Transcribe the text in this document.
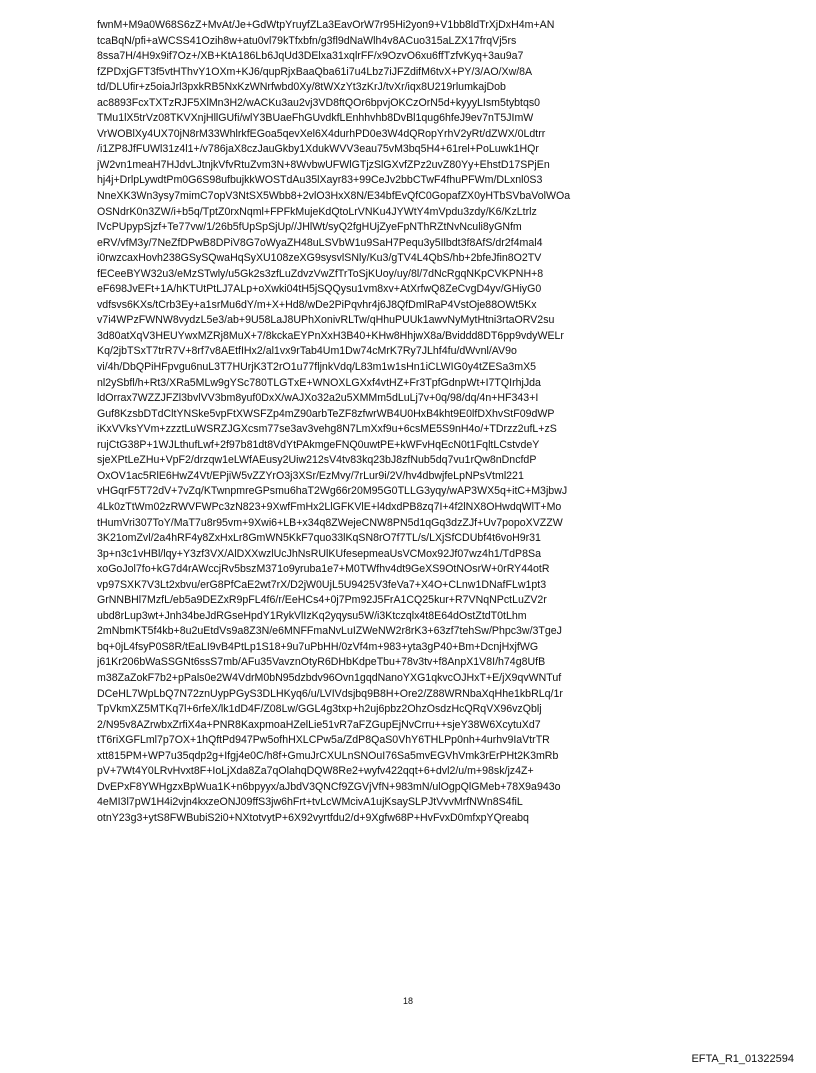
fwnM+M9a0W68S6zZ+MvAt/Je+GdWtpYruyfZLa3EavOrW7r95Hi2yon9+V1bb8ldTrXjDxH4m+AN
tcaBqN/pfi+aWCSS41Ozih8w+atu0vl79kTfxbfn/g3fl9dNaWlh4v8ACuo315aLZX17frqVj5rs
8ssa7H/4H9x9if7Oz+/XB+KtA186Lb6JqUd3DElxa31xqlrFF/x9OzvO6xu6ffTzfvKyq+3au9a7
fZPDxjGFT3f5vtHThvY1OXm+KJ6/qupRjxBaaQba61i7u4Lbz7iJFZdifM6tvX+PY/3/AO/Xw/8A
td/DLUfir+z5oiaJrl3pxkRB5NxKzWNrfwbd0Xy/8tWXzYt3zKrJ/tvXr/iqx8U219rlumkajDob
ac8893FcxTXTzRJF5XlMn3H2/wACKu3au2vj3VD8ftQOr6bpvjOKCzOrN5d+kyyyLIsm5tybtqs0
TMu1lX5trVz08TKVXnjHllGUfi/wlY3BUaeFhGUvdkfLEnhhvhb8DvBl1qug6hfeJ9ev7nT5JImW
VrWOBlXy4UX70jN8rM33WhlrkfEGoa5qevXel6X4durhPD0e3W4dQRopYrhV2yRt/dZWX/0Ldtrr
/i1ZP8JfFUWl31z4l1+/v786jaX8czJauGkby1XdukWVV3eau75vM3bq5H4+61rel+PoLuwk1HQr
jW2vn1meaH7HJdvLJtnjkVfvRtuZvm3N+8WvbwUFWlGTjzSlGXvfZPz2uvZ80Yy+EhstD17SPjEn
hj4j+DrlpLywdtPm0G6S98ufbujkkWOSTdAu35lXayr83+99CeJv2bbCTwF4fhuPFWm/DLxnl0S3
NneXK3Wn3ysy7mimC7opV3NtSX5Wbb8+2vlO3HxX8N/E34bfEvQfC0GopafZX0yHTbSVbaVolWOa
OSNdrK0n3ZW/i+b5q/TptZ0rxNqml+FPFkMujeKdQtoLrVNKu4JYWtY4mVpdu3zdy/K6/KzLtrlz
lVcPUpypSjzf+Te77vw/1/26b5fUpSpSjUp//JHlWt/syQ2fgHUjZyeFpNThRZtNvNculi8yGNfm
eRV/vfM3y/7NeZfDPwB8DPiV8G7oWyaZH48uLSVbW1u9SaH7Pequ3y5Ilbdt3f8AfS/dr2f4mal4
i0rwzcaxHovh238GSySQwaHqSyXU108zeXG9sysvlSNly/Ku3/gTV4L4QbS/hb+2bfeJfin8O2TV
fECeeBYW32u3/eMzSTwly/u5Gk2s3zfLuZdvzVwZfTrToSjKUoy/uy/8l/7dNcRgqNKpCVKPNH+8
eF698JvEFt+1A/hKTUtPtLJ7ALp+oXwki04tH5jSQQysu1vm8xv+AtXrfwQ8ZeCvgD4yv/GHiyG0
vdfsvs6KXs/tCrb3Ey+a1srMu6dY/m+X+Hd8/wDe2PiPqvhr4j6J8QfDmlRaP4VstOje88OWt5Kx
v7i4WPzFWNW8vydzL5e3/ab+9U58LaJ8UPhXonivRLTw/qHhuPUUk1awvNyMytHtni3rtaORV2su
3d80atXqV3HEUYwxMZRj8MuX+7/8kckaEYPnXxH3B40+KHw8HhjwX8a/Bviddd8DT6pp9vdyWELr
Kq/2jbTSxT7trR7V+8rf7v8AEtfIHx2/al1vx9rTab4Um1Dw74cMrK7Ry7JLhf4fu/dWvnl/AV9o
vi/4h/DbQPiHFpvgu6nuL3T7HUrjK3T2rO1u77fljnkVdq/L83m1w1sHn1iCLWIG0y4tZESa3mX5
nl2ySbfl/h+Rt3/XRa5MLw9gYSc780TLGTxE+WNOXLGXxf4vtHZ+Fr3TpfGdnpWt+I7TQIrhjJda
ldOrrax7WZZJFZl3bvlVV3bm8yuf0DxX/wAJXo32a2u5XMMm5dLuLj7v+0q/98/dq/4n+HF343+I
Guf8KzsbDTdCltYNSke5vpFtXWSFZp4mZ90arbTeZF8zfwrWB4U0HxB4kht9E0lfDXhvStF09dWP
iKxVVksYVm+zzztLuWSRZJGXcsm77se3av3vehg8N7LmXxf9u+6csME5S9nH4o/+TDrzz2ufL+zS
rujCtG38P+1WJLthufLwf+2f97b81dt8VdYtPAkmgeFNQ0uwtPE+kWFvHqEcN0t1FqltLCstvdeY
sjeXPtLeZHu+VpF2/drzqw1eLWfAEusy2Uiw212sV4tv83kq23bJ8zfNub5dq7vu1rQw8nDncfdP
OxOV1ac5RlE6HwZ4Vt/EPjiW5vZZYrO3j3XSr/EzMvy/7rLur9i/2V/hv4dbwjfeLpNPsVtml221
vHGqrF5T72dV+7vZq/KTwnpmreGPsmu6haT2Wg66r20M95G0TLLG3yqy/wAP3WX5q+itC+M3jbwJ
4Lk0zTtWm02zRWVFWPc3zN823+9XwfFmHx2LlGFKVlE+l4dxdPB8zq7I+4f2lNX8OHwdqWlT+Mo
tHumVri307ToY/MaT7u8r95vm+9Xwi6+LB+x34q8ZWejeCNW8PN5d1qGq3dzZJf+Uv7popoXVZZW
3K21omZvl/2a4hRF4y8ZxHxLr8GmWN5KkF7quo33lKqSN8rO7f7TL/s/LXjSfCDUbf4t6voH9r31
3p+n3c1vHBl/lqy+Y3zf3VX/AlDXXwzlUcJhNsRUlKUfesepmeaUsVCMox92Jf07wz4h1/TdP8Sa
xoGoJol7fo+kG7d4rAWccjRv5bszM371o9yruba1e7+M0TWfhv4dt9GeXS9OtNOsrW+0rRY44otR
vp97SXK7V3Lt2xbvu/erG8PfCaE2wt7rX/D2jW0UjL5U9425V3feVa7+X4O+CLnw1DNafFLw1pt3
GrNNBHl7MzfL/eb5a9DEZxR9pFL4f6/r/EeHCs4+0j7Pm92J5FrA1CQ25kur+R7VNqNPctLuZV2r
ubd8rLup3wt+Jnh34beJdRGseHpdY1RykVlIzKq2yqysu5W/i3Ktczqlx4t8E64dOstZtdT0tLhm
2mNbmKT5f4kb+8u2uEtdVs9a8Z3N/e6MNFFmaNvLuIZWeNW2r8rK3+63zf7tehSw/Phpc3w/3TgeJ
bq+0jL4fsyP0S8R/tEaLI9vB4PtLp1S18+9u7uPbHH/0zVf4m+983+yta3gP40+Bm+DcnjHxjfWG
j61Kr206bWaSSGNt6ssS7mb/AFu35VavznOtyR6DHbKdpeTbu+78v3tv+f8AnpX1V8I/h74g8UfB
m38ZaZokF7b2+pPals0e2W4VdrM0bN95dzbdv96Ovn1gqdNanoYXG1qkvcOJHxT+E/jX9qvWNTuf
DCeHL7WpLbQ7N72znUypPGyS3DLHKyq6/u/LVIVdsjbq9B8H+Ore2/Z88WRNbaXqHhe1kbRLq/1r
TpVkmXZ5MTKq7l+6rfeX/lk1dD4F/Z08Lw/GGL4g3txp+h2uj6pbz2OhzOsdzHcQRqVX96vzQblj
2/N95v8AZrwbxZrfiX4a+PNR8KaxpmoaHZelLie51vR7aFZGupEjNvCrru++sjeY38W6XcytuXd7
tT6riXGFLml7p7OX+1hQftPd947Pw5ofhHXLCPw5a/ZdP8QaS0VhY6THLPp0nh+4urhv9IaVtrTR
xtt815PM+WP7u35qdp2g+Ifgj4e0C/h8f+GmuJrCXULnSNOuI76Sa5mvEGVhVmk3rErPHt2K3mRb
pV+7Wt4Y0LRvHvxt8F+IoLjXda8Za7qOlahqDQW8Re2+wyfv422qqt+6+dvl2/u/m+98sk/jz4Z+
DvEPxF8YWHgzxBpWua1K+n6bpyyx/aJbdV3QNCf9ZGVjVfN+983mN/ulOgpQlGMeb+78X9a943o
4eMI3l7pW1H4i2vjn4kxzeONJ09ffS3jw6hFrt+tvLcWMcivA1ujKsaySLPJtVvvMrfNWn8S4fiL
otnY23g3+ytS8FWBubiS2i0+NXtotvytP+6X92vyrtfdu2/d+9Xgfw68P+HvFvxD0mfxpYQreabq
18
EFTA_R1_01322594
